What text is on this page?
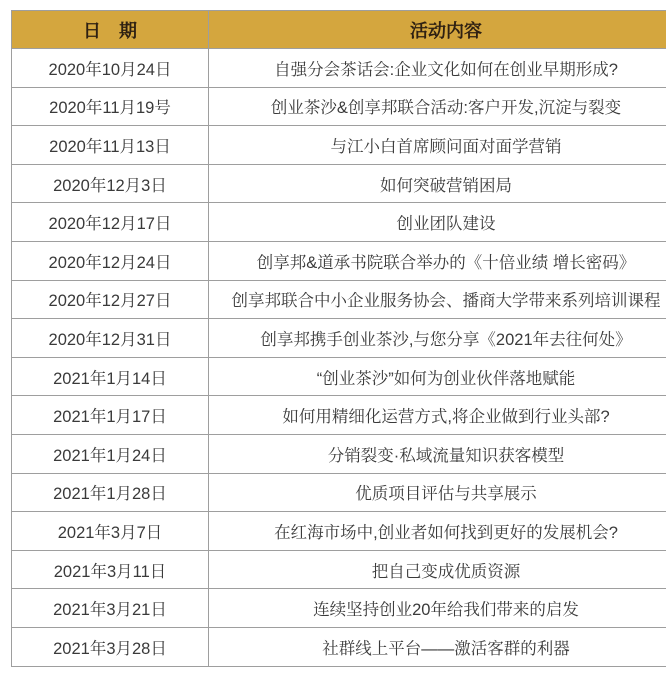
日　期	活动内容
2020年10月24日	自强分会茶话会:企业文化如何在创业早期形成?
2020年11月19号	创业茶沙&创享邦联合活动:客户开发,沉淀与裂变
2020年11月13日	与江小白首席顾问面对面学营销
2020年12月3日	如何突破营销困局
2020年12月17日	创业团队建设
2020年12月24日	创享邦&道承书院联合举办的《十倍业绩 增长密码》
2020年12月27日	创享邦联合中小企业服务协会、播商大学带来系列培训课程
2020年12月31日	创享邦携手创业茶沙,与您分享《2021年去往何处》
2021年1月14日	“创业茶沙”如何为创业伙伴落地赋能
2021年1月17日	如何用精细化运营方式,将企业做到行业头部?
2021年1月24日	分销裂变·私域流量知识获客模型
2021年1月28日	优质项目评估与共享展示
2021年3月7日	在红海市场中,创业者如何找到更好的发展机会?
2021年3月11日	把自己变成优质资源
2021年3月21日	连续坚持创业20年给我们带来的启发
2021年3月28日	社群线上平台——激活客群的利器
